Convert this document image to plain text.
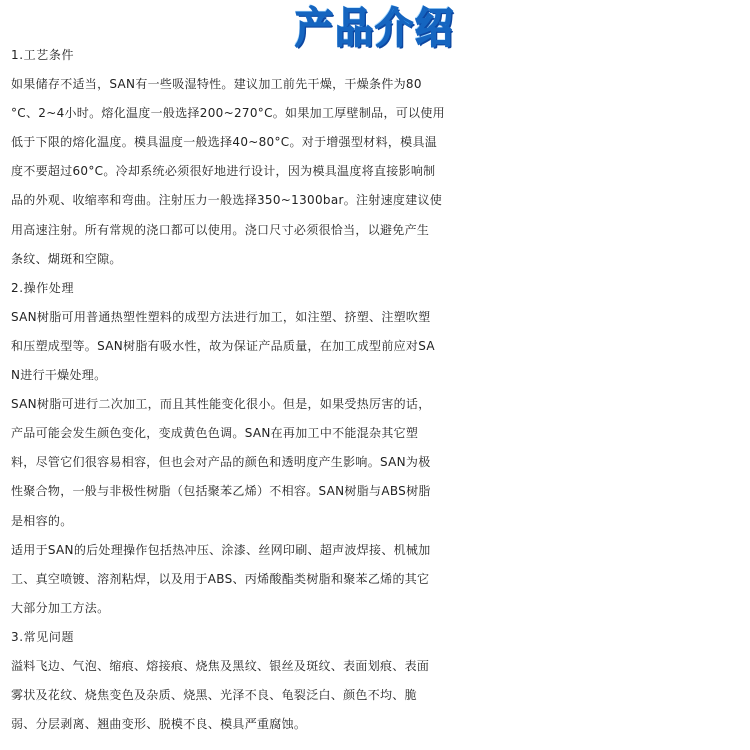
产品介绍
1.工艺条件
如果储存不适当，SAN有一些吸湿特性。建议加工前先干燥，干燥条件为80
°C、2~4小时。熔化温度一般选择200~270°C。如果加工厚壁制品，可以使用
低于下限的熔化温度。模具温度一般选择40~80°C。对于增强型材料，模具温
度不要超过60°C。冷却系统必须很好地进行设计，因为模具温度将直接影响制
品的外观、收缩率和弯曲。注射压力一般选择350~1300bar。注射速度建议使
用高速注射。所有常规的浇口都可以使用。浇口尺寸必须很恰当，以避免产生
条纹、煳斑和空隙。
2.操作处理
SAN树脂可用普通热塑性塑料的成型方法进行加工，如注塑、挤塑、注塑吹塑
和压塑成型等。SAN树脂有吸水性，故为保证产品质量，在加工成型前应对SA
N进行干燥处理。
SAN树脂可进行二次加工，而且其性能变化很小。但是，如果受热厉害的话，
产品可能会发生颜色变化，变成黄色色调。SAN在再加工中不能混杂其它塑
料，尽管它们很容易相容，但也会对产品的颜色和透明度产生影响。SAN为极
性聚合物，一般与非极性树脂（包括聚苯乙烯）不相容。SAN树脂与ABS树脂
是相容的。
适用于SAN的后处理操作包括热冲压、涂漆、丝网印刷、超声波焊接、机械加
工、真空喷镀、溶剂粘焊，以及用于ABS、丙烯酸酯类树脂和聚苯乙烯的其它
大部分加工方法。
3.常见问题
溢料飞边、气泡、缩痕、熔接痕、烧焦及黑纹、银丝及斑纹、表面划痕、表面
雾状及花纹、烧焦变色及杂质、烧黑、光泽不良、龟裂泛白、颜色不均、脆
弱、分层剥离、翘曲变形、脱模不良、模具严重腐蚀。
